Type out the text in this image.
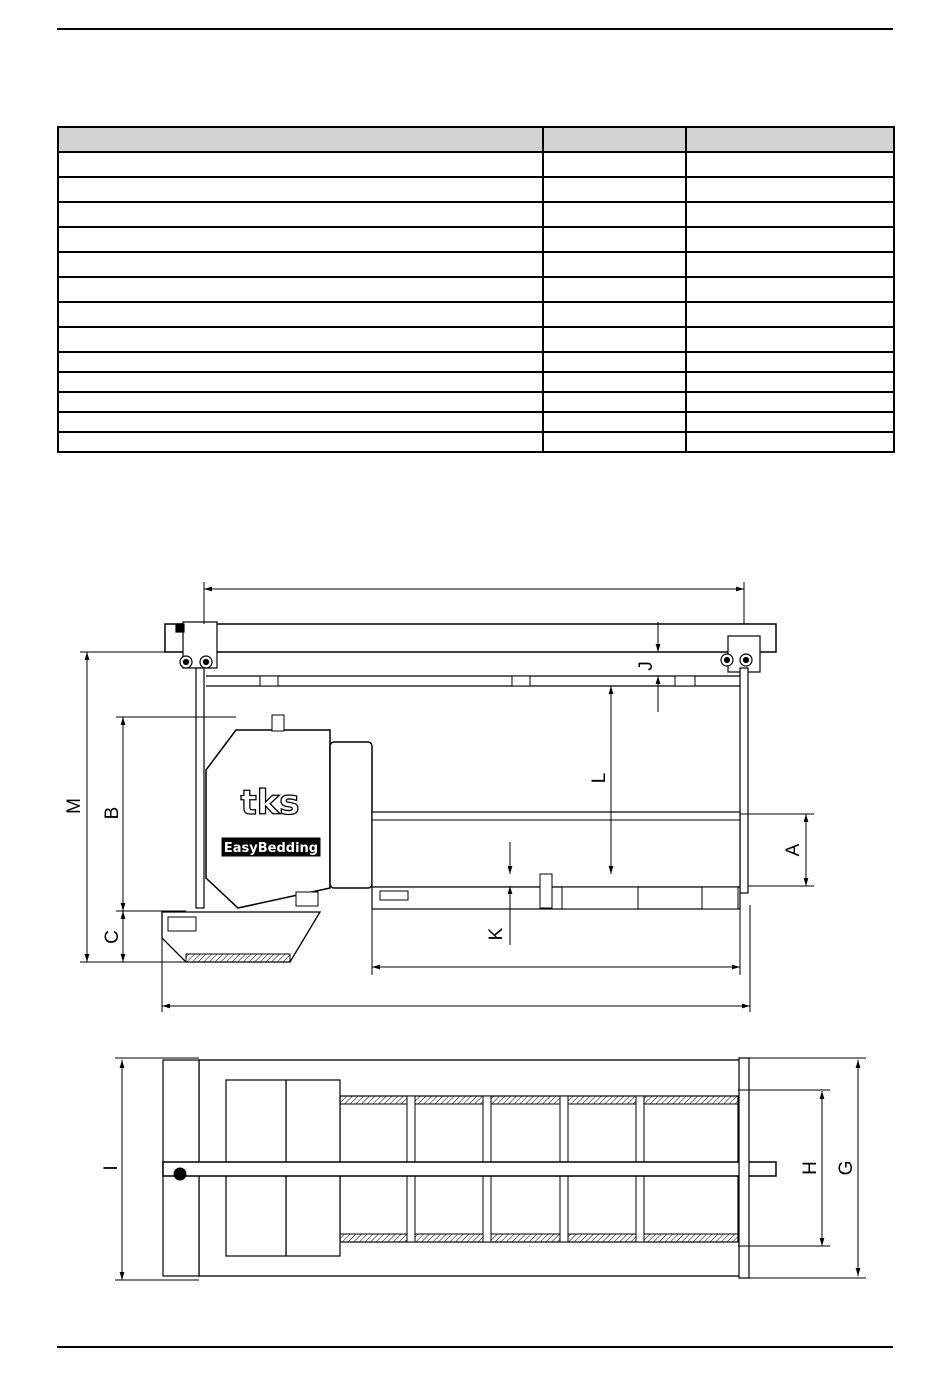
tks
EasyBedding
M B
C
J
L
A
K
I	H G
